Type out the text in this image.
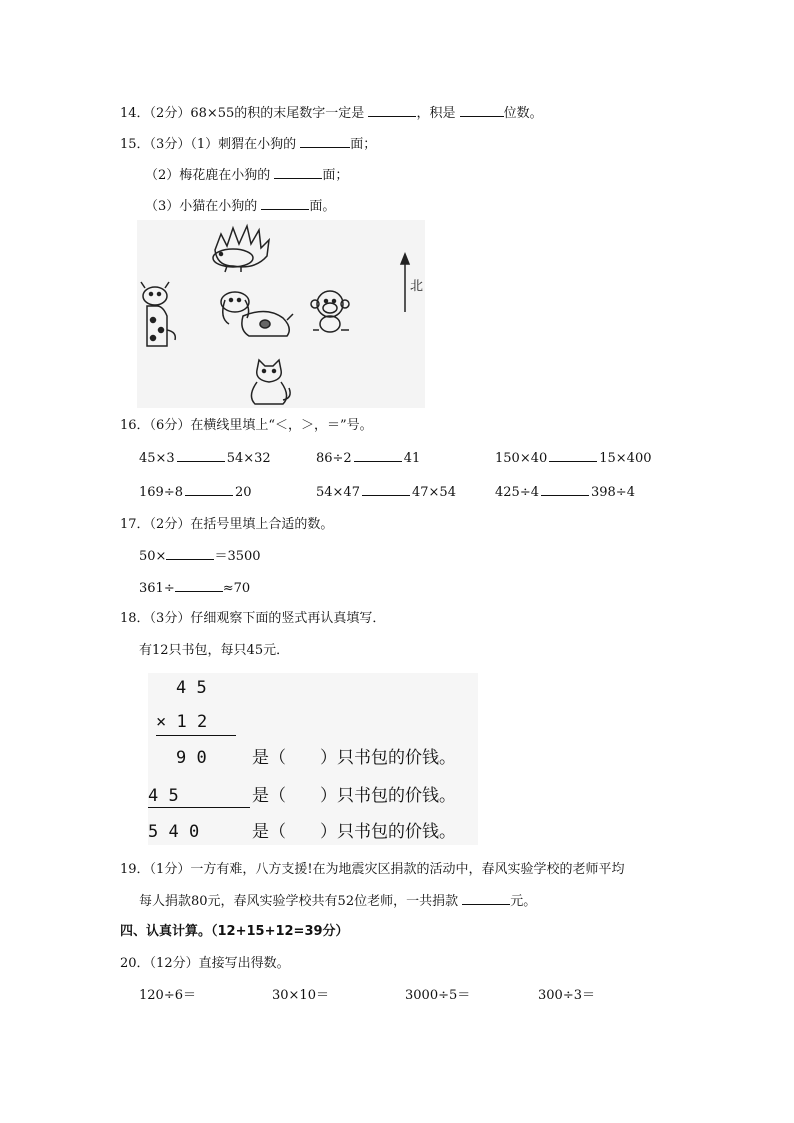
14．（2分）68×55的积的末尾数字一定是	，积是	位数。
15．（3分）（1）刺猬在小狗的	面；
（2）梅花鹿在小狗的	面；
（3）小猫在小狗的	面。
北
16．（6分）在横线里填上“＜，＞，＝”号。
45×3	54×32	86÷2	41	150×40	15×400
169÷8	20	54×47	47×54	425÷4	398÷4
17．（2分）在括号里填上合适的数。
50×	＝3500
361÷	≈70
18．（3分）仔细观察下面的竖式再认真填写．
有12只书包，每只45元．
4 5
× 1 2
9 0	是（　　）只书包的价钱。
4 5	是（　　）只书包的价钱。
5 4 0	是（　　）只书包的价钱。
19．（1分）一方有难，八方支援!在为地震灾区捐款的活动中，春风实验学校的老师平均
每人捐款80元，春风实验学校共有52位老师，一共捐款	元。
四、认真计算。（12+15+12=39分）
20．（12分）直接写出得数。
120÷6＝	30×10＝	3000÷5＝	300÷3＝
